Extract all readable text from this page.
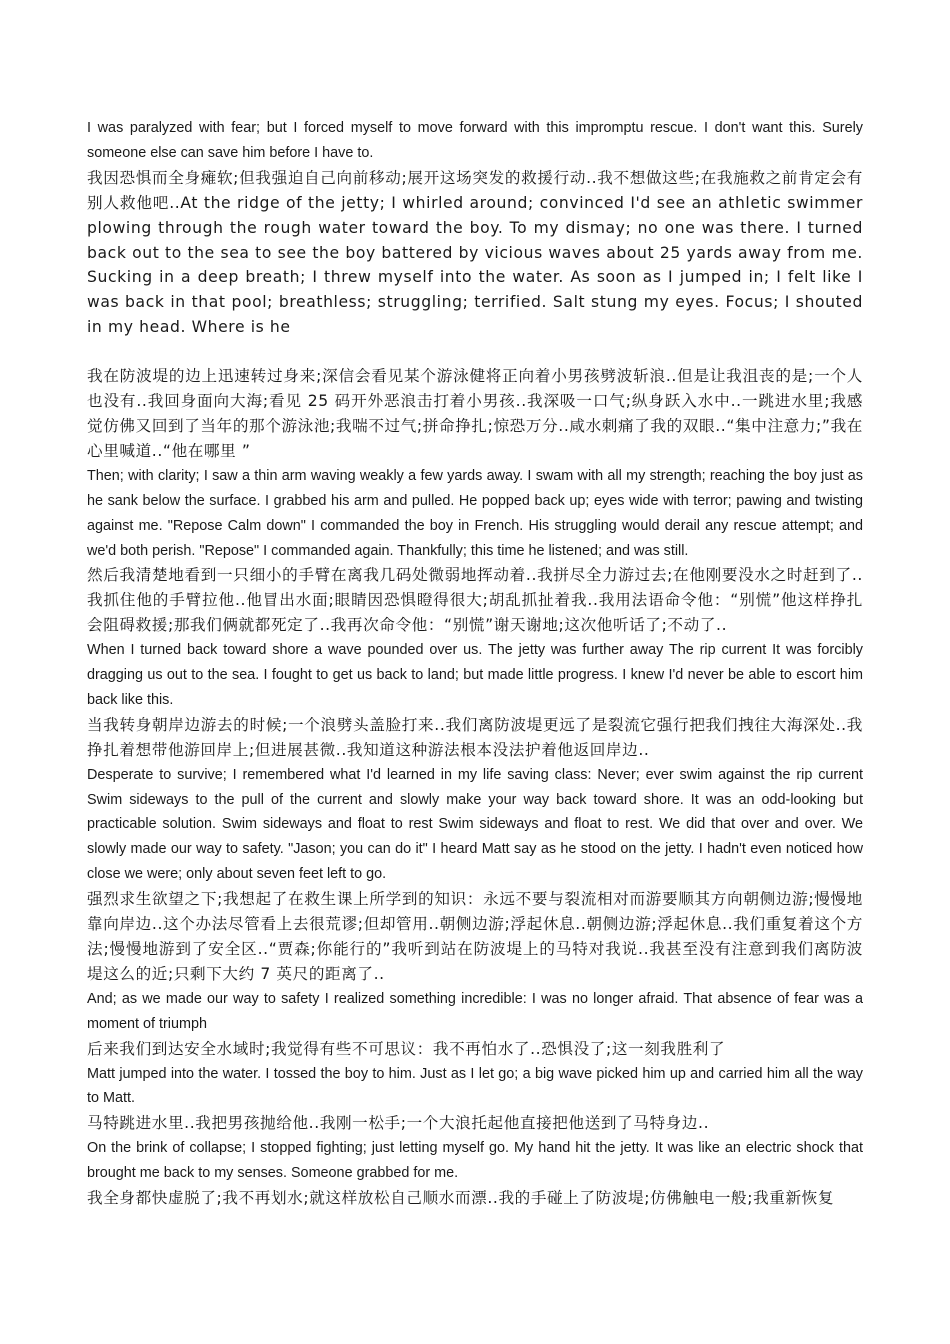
I was paralyzed with fear; but I forced myself to move forward with this impromptu rescue. I don't want this. Surely someone else can save him before I have to.

我因恐惧而全身瘫软;但我强迫自己向前移动;展开这场突发的救援行动..我不想做这些;在我施救之前肯定会有别人救他吧..At the ridge of the jetty; I whirled around; convinced I'd see an athletic swimmer plowing through the rough water toward the boy. To my dismay; no one was there. I turned back out to the sea to see the boy battered by vicious waves about 25 yards away from me. Sucking in a deep breath; I threw myself into the water. As soon as I jumped in; I felt like I was back in that pool; breathless; struggling; terrified. Salt stung my eyes. Focus; I shouted in my head. Where is he

我在防波堤的边上迅速转过身来;深信会看见某个游泳健将正向着小男孩劈波斩浪..但是让我沮丧的是;一个人也没有..我回身面向大海;看见 25 码开外恶浪击打着小男孩..我深吸一口气;纵身跃入水中..一跳进水里;我感觉仿佛又回到了当年的那个游泳池;我喘不过气;拼命挣扎;惊恐万分..咸水刺痛了我的双眼..“集中注意力;”我在心里喊道..“他在哪里 ”

Then; with clarity; I saw a thin arm waving weakly a few yards away. I swam with all my strength; reaching the boy just as he sank below the surface. I grabbed his arm and pulled. He popped back up; eyes wide with terror; pawing and twisting against me. "Repose Calm down" I commanded the boy in French. His struggling would derail any rescue attempt; and we'd both perish. "Repose" I commanded again. Thankfully; this time he listened; and was still.

然后我清楚地看到一只细小的手臂在离我几码处微弱地挥动着..我拼尽全力游过去;在他刚要没水之时赶到了..我抓住他的手臂拉他..他冒出水面;眼睛因恐惧瞪得很大;胡乱抓扯着我..我用法语命令他：“别慌”他这样挣扎会阻碍救援;那我们俩就都死定了..我再次命令他：“别慌”谢天谢地;这次他听话了;不动了..

When I turned back toward shore a wave pounded over us. The jetty was further away The rip current It was forcibly dragging us out to the sea. I fought to get us back to land; but made little progress. I knew I'd never be able to escort him back like this.

当我转身朝岸边游去的时候;一个浪劈头盖脸打来..我们离防波堤更远了是裂流它强行把我们拽往大海深处..我挣扎着想带他游回岸上;但进展甚微..我知道这种游法根本没法护着他返回岸边..

Desperate to survive; I remembered what I'd learned in my life saving class: Never; ever swim against the rip current Swim sideways to the pull of the current and slowly make your way back toward shore. It was an odd-looking but practicable solution. Swim sideways and float to rest Swim sideways and float to rest. We did that over and over. We slowly made our way to safety. "Jason; you can do it" I heard Matt say as he stood on the jetty. I hadn't even noticed how close we were; only about seven feet left to go.

强烈求生欲望之下;我想起了在救生课上所学到的知识：永远不要与裂流相对而游要顺其方向朝侧边游;慢慢地靠向岸边..这个办法尽管看上去很荒谬;但却管用..朝侧边游;浮起休息..朝侧边游;浮起休息..我们重复着这个方法;慢慢地游到了安全区..“贾森;你能行的”我听到站在防波堤上的马特对我说..我甚至没有注意到我们离防波堤这么的近;只剩下大约 7 英尺的距离了..

And; as we made our way to safety I realized something incredible: I was no longer afraid. That absence of fear was a moment of triumph

后来我们到达安全水域时;我觉得有些不可思议：我不再怕水了..恐惧没了;这一刻我胜利了

Matt jumped into the water. I tossed the boy to him. Just as I let go; a big wave picked him up and carried him all the way to Matt.

马特跳进水里..我把男孩抛给他..我刚一松手;一个大浪托起他直接把他送到了马特身边..

On the brink of collapse; I stopped fighting; just letting myself go. My hand hit the jetty. It was like an electric shock that brought me back to my senses. Someone grabbed for me.

我全身都快虚脱了;我不再划水;就这样放松自己顺水而漂..我的手碰上了防波堤;仿佛触电一般;我重新恢复
